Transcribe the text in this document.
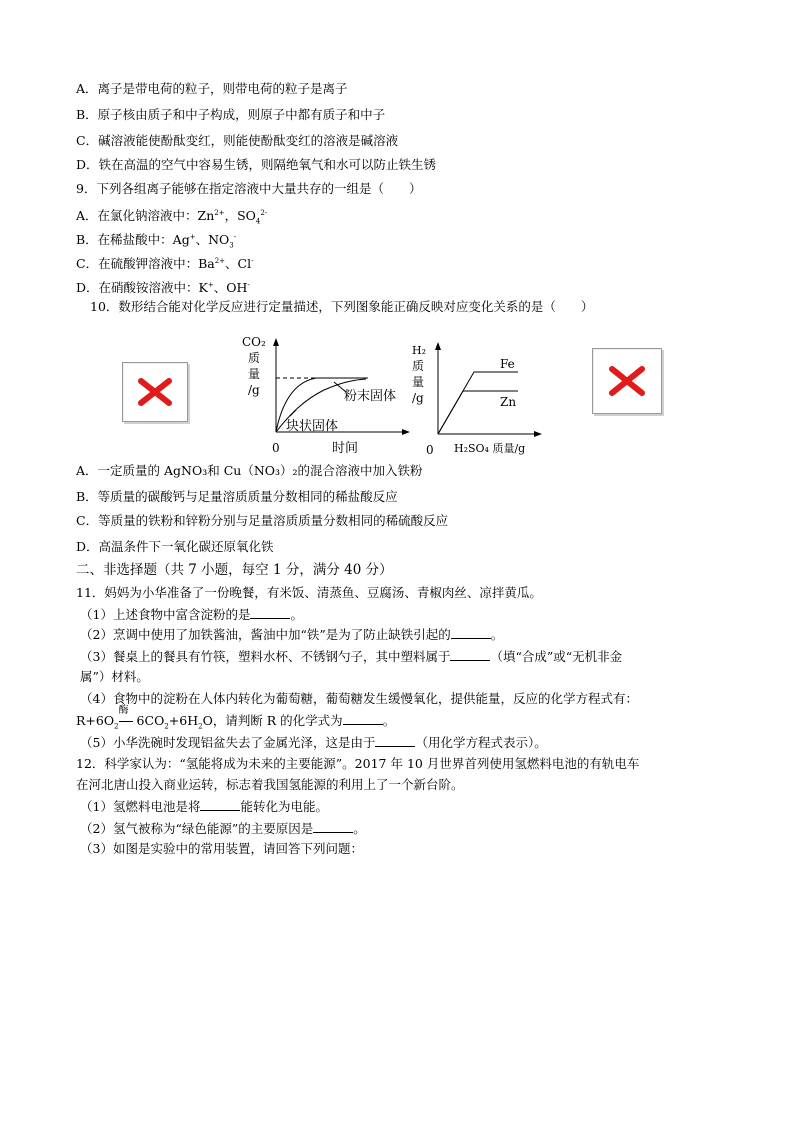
A．离子是带电荷的粒子，则带电荷的粒子是离子
B．原子核由质子和中子构成，则原子中都有质子和中子
C．碱溶液能使酚酞变红，则能使酚酞变红的溶液是碱溶液
D．铁在高温的空气中容易生锈，则隔绝氧气和水可以防止铁生锈
9．下列各组离子能够在指定溶液中大量共存的一组是（　　）
A．在氯化钠溶液中：$Zn^{2+}$，$SO_4^{2-}$
B．在稀盐酸中：Ag+、$NO_3^-$
C．在硫酸钾溶液中：$Ba^{2+}$、Cl-
D．在硝酸铵溶液中：K+、OH-
10．数形结合能对化学反应进行定量描述，下列图象能正确反映对应变化关系的是（　　）
CO₂
质
量
/g	粉末固体
块状固体
0	时间
H₂
质
量
/g
Fe
Zn
0 H₂SO₄ 质量/g
A．一定质量的 AgNO₃和 Cu（NO₃）₂的混合溶液中加入铁粉
B．等质量的碳酸钙与足量溶质质量分数相同的稀盐酸反应
C．等质量的铁粉和锌粉分别与足量溶质质量分数相同的稀硫酸反应
D．高温条件下一氧化碳还原氧化铁
二、非选择题（共 7 小题，每空 1 分，满分 40 分）
11．妈妈为小华准备了一份晚餐，有米饭、清蒸鱼、豆腐汤、青椒肉丝、凉拌黄瓜。
（1）上述食物中富含淀粉的是	。
（2）烹调中使用了加铁酱油，酱油中加“铁”是为了防止缺铁引起的	。
（3）餐桌上的餐具有竹筷，塑料水杯、不锈钢勺子，其中塑料属于	（填“合成”或“无机非金
属”）材料。
（4）食物中的淀粉在人体内转化为葡萄糖，葡萄糖发生缓慢氧化，提供能量，反应的化学方程式有：
$R+6O_2$
酶
$6CO_2+6H_2O$，请判断 R 的化学式为	。
（5）小华洗碗时发现铝盆失去了金属光泽，这是由于	（用化学方程式表示）。
12．科学家认为：“氢能将成为未来的主要能源”。2017 年 10 月世界首列使用氢燃料电池的有轨电车
在河北唐山投入商业运转，标志着我国氢能源的利用上了一个新台阶。
（1）氢燃料电池是将	能转化为电能。
（2）氢气被称为“绿色能源”的主要原因是	。
（3）如图是实验中的常用装置，请回答下列问题：
